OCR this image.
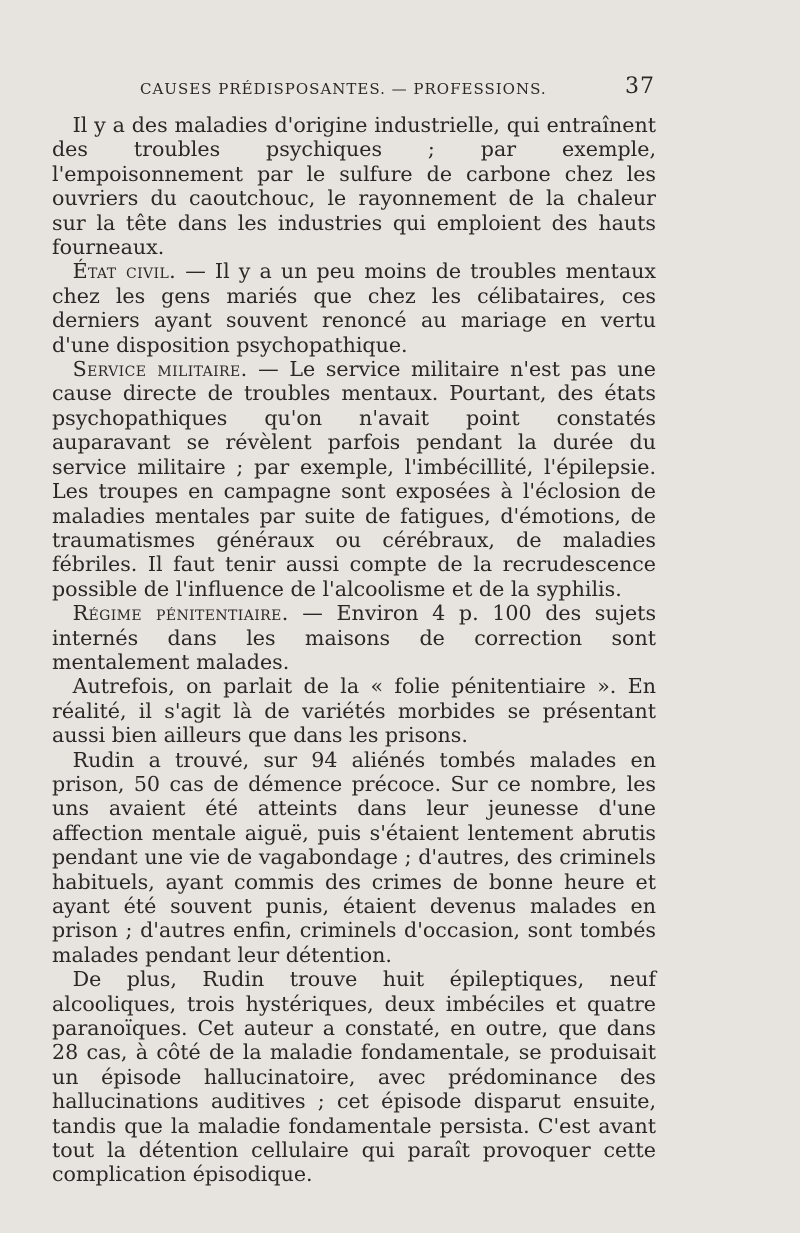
CAUSES PRÉDISPOSANTES. — PROFESSIONS.	37

Il y a des maladies d'origine industrielle, qui entraînent des troubles psychiques ; par exemple, l'empoisonnement par le sulfure de carbone chez les ouvriers du caoutchouc, le rayonnement de la chaleur sur la tête dans les industries qui emploient des hauts fourneaux.

État civil. — Il y a un peu moins de troubles mentaux chez les gens mariés que chez les célibataires, ces derniers ayant souvent renoncé au mariage en vertu d'une disposition psychopathique.

Service militaire. — Le service militaire n'est pas une cause directe de troubles mentaux. Pourtant, des états psychopathiques qu'on n'avait point constatés auparavant se révèlent parfois pendant la durée du service militaire ; par exemple, l'imbécillité, l'épilepsie. Les troupes en campagne sont exposées à l'éclosion de maladies mentales par suite de fatigues, d'émotions, de traumatismes généraux ou cérébraux, de maladies fébriles. Il faut tenir aussi compte de la recrudescence possible de l'influence de l'alcoolisme et de la syphilis.

Régime pénitentiaire. — Environ 4 p. 100 des sujets internés dans les maisons de correction sont mentalement malades.

Autrefois, on parlait de la « folie pénitentiaire ». En réalité, il s'agit là de variétés morbides se présentant aussi bien ailleurs que dans les prisons.

Rudin a trouvé, sur 94 aliénés tombés malades en prison, 50 cas de démence précoce. Sur ce nombre, les uns avaient été atteints dans leur jeunesse d'une affection mentale aiguë, puis s'étaient lentement abrutis pendant une vie de vagabondage ; d'autres, des criminels habituels, ayant commis des crimes de bonne heure et ayant été souvent punis, étaient devenus malades en prison ; d'autres enfin, criminels d'occasion, sont tombés malades pendant leur détention.

De plus, Rudin trouve huit épileptiques, neuf alcooliques, trois hystériques, deux imbéciles et quatre paranoïques. Cet auteur a constaté, en outre, que dans 28 cas, à côté de la maladie fondamentale, se produisait un épisode hallucinatoire, avec prédominance des hallucinations auditives ; cet épisode disparut ensuite, tandis que la maladie fondamentale persista. C'est avant tout la détention cellulaire qui paraît provoquer cette complication épisodique.
